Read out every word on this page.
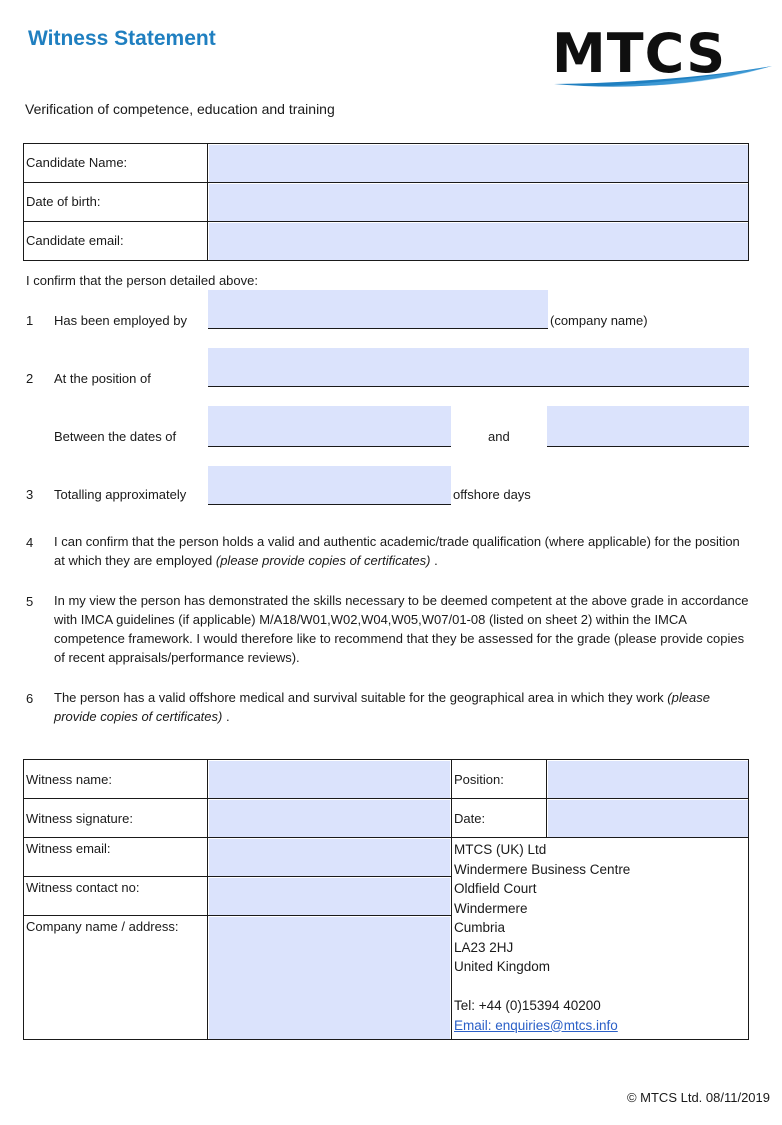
Witness Statement	MTCS
Verification of competence, education and training
Candidate Name:
Date of birth:
Candidate email:
I confirm that the person detailed above:
1 Has been employed by	(company name)
2 At the position of
Between the dates of	and
3 Totalling approximately	offshore days
4 I can confirm that the person holds a valid and authentic academic/trade qualification (where applicable) for the position at which they are employed (please provide copies of certificates) .
5 In my view the person has demonstrated the skills necessary to be deemed competent at the above grade in accordance with IMCA guidelines (if applicable) M/A18/W01,W02,W04,W05,W07/01-08 (listed on sheet 2) within the IMCA competence framework. I would therefore like to recommend that they be assessed for the grade (please provide copies of recent appraisals/performance reviews).
6 The person has a valid offshore medical and survival suitable for the geographical area in which they work (please provide copies of certificates) .
Witness name:	Position:
Witness signature:	Date:
Witness email:
Witness contact no:
Company name / address:
MTCS (UK) Ltd
Windermere Business Centre
Oldfield Court
Windermere
Cumbria
LA23 2HJ
United Kingdom
Tel: +44 (0)15394 40200
Email: enquiries@mtcs.info
© MTCS Ltd. 08/11/2019
